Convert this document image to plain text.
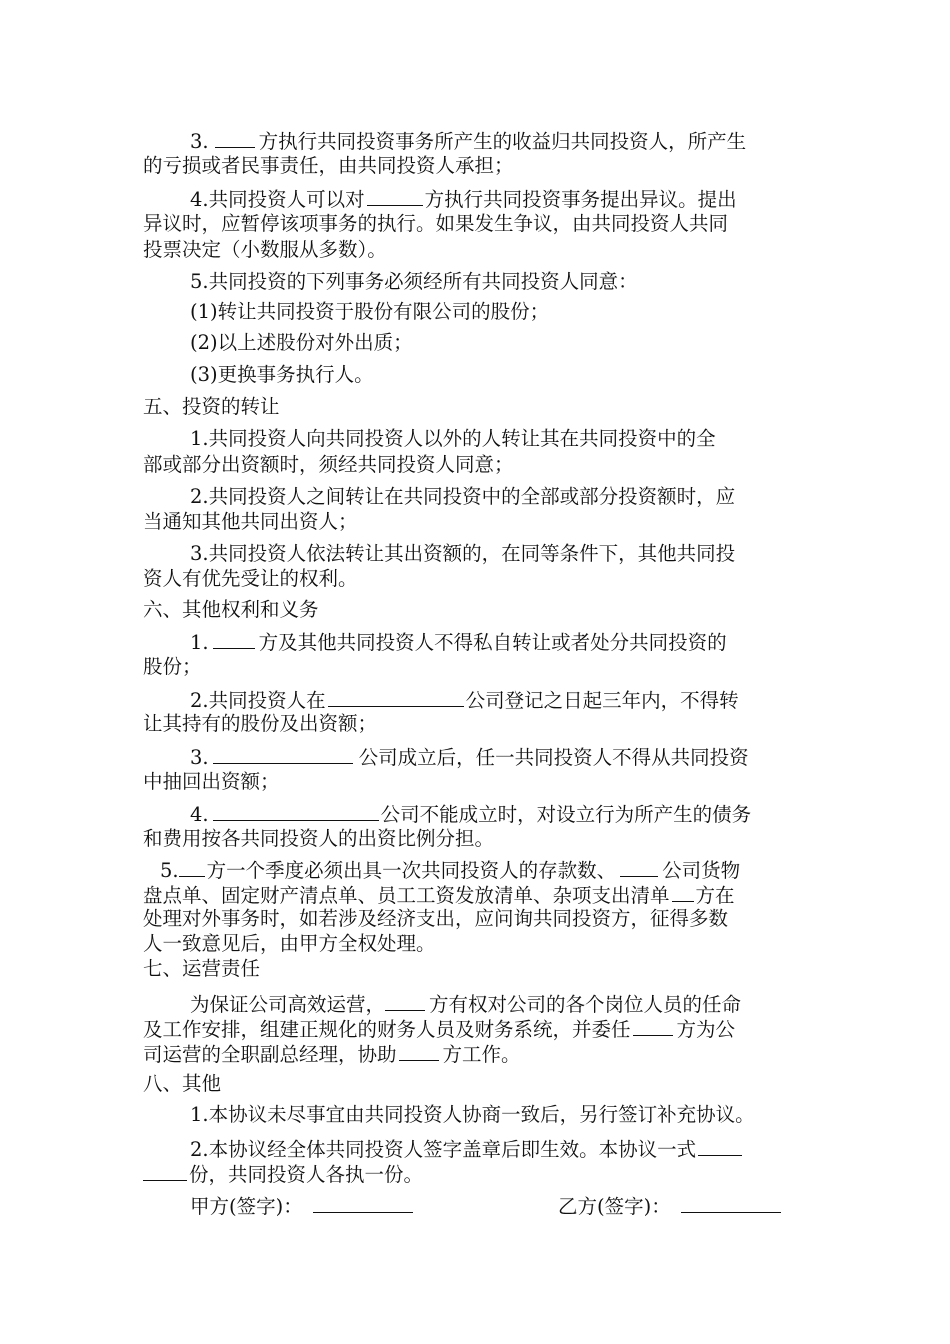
3.	方执行共同投资事务所产生的收益归共同投资人，所产生
的亏损或者民事责任，由共同投资人承担；
4.共同投资人可以对	方执行共同投资事务提出异议。提出
异议时，应暂停该项事务的执行。如果发生争议，由共同投资人共同
投票决定（小数服从多数）。
5.共同投资的下列事务必须经所有共同投资人同意：
(1)转让共同投资于股份有限公司的股份；
(2)以上述股份对外出质；
(3)更换事务执行人。
五、投资的转让
1.共同投资人向共同投资人以外的人转让其在共同投资中的全
部或部分出资额时，须经共同投资人同意；
2.共同投资人之间转让在共同投资中的全部或部分投资额时，应
当通知其他共同出资人；
3.共同投资人依法转让其出资额的，在同等条件下，其他共同投
资人有优先受让的权利。
六、其他权利和义务
1.	方及其他共同投资人不得私自转让或者处分共同投资的
股份；
2.共同投资人在	公司登记之日起三年内，不得转
让其持有的股份及出资额；
3.	公司成立后，任一共同投资人不得从共同投资
中抽回出资额；
4.	公司不能成立时，对设立行为所产生的债务
和费用按各共同投资人的出资比例分担。
5. 方一个季度必须出具一次共同投资人的存款数、 公司货物
盘点单、固定财产清点单、员工工资发放清单、杂项支出清单 方在
处理对外事务时，如若涉及经济支出，应问询共同投资方，征得多数
人一致意见后，由甲方全权处理。
七、运营责任
为保证公司高效运营， 方有权对公司的各个岗位人员的任命
及工作安排，组建正规化的财务人员及财务系统，并委任 方为公
司运营的全职副总经理，协助 方工作。
八、其他
1.本协议未尽事宜由共同投资人协商一致后，另行签订补充协议。
2.本协议经全体共同投资人签字盖章后即生效。本协议一式
份，共同投资人各执一份。
甲方(签字)：	乙方(签字)：
